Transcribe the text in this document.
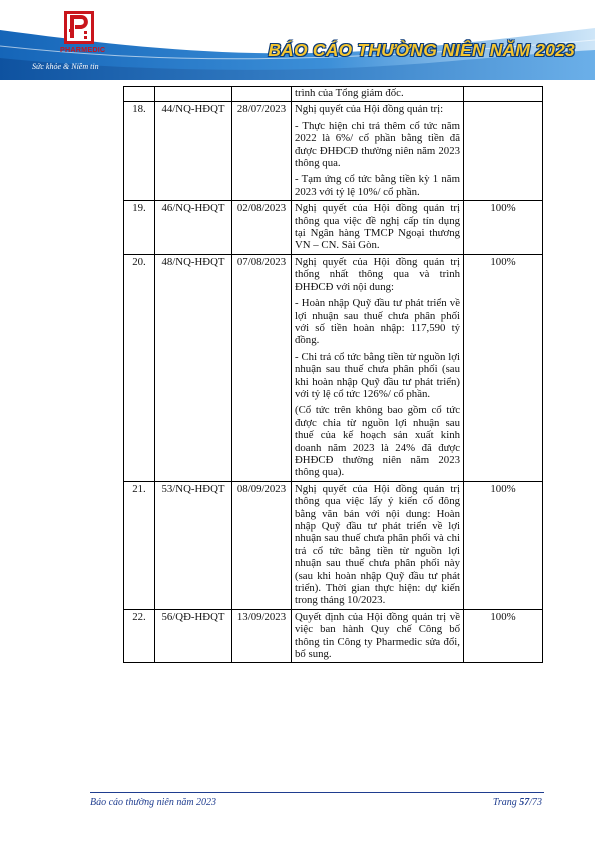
PHARMEDIC
Sức khỏe & Niềm tin
BÁO CÁO THƯỜNG NIÊN NĂM 2023

			trình của Tổng giám đốc.	

18.	44/NQ-HĐQT	28/07/2023	Nghị quyết của Hội đồng quản trị:

- Thực hiện chi trả thêm cổ tức năm 2022 là 6%/ cổ phần bằng tiền đã được ĐHĐCĐ thường niên năm 2023 thông qua.

- Tạm ứng cổ tức bằng tiền kỳ 1 năm 2023 với tỷ lệ 10%/ cổ phần.	

19.	46/NQ-HĐQT	02/08/2023	Nghị quyết của Hội đồng quản trị thông qua việc đề nghị cấp tín dụng tại Ngân hàng TMCP Ngoại thương VN – CN. Sài Gòn.	100%
20.	48/NQ-HĐQT	07/08/2023	Nghị quyết của Hội đồng quản trị thống nhất thông qua và trình ĐHĐCĐ với nội dung:

- Hoàn nhập Quỹ đầu tư phát triển về lợi nhuận sau thuế chưa phân phối với số tiền hoàn nhập: 117,590 tỷ đồng.

- Chi trả cổ tức bằng tiền từ nguồn lợi nhuận sau thuế chưa phân phối (sau khi hoàn nhập Quỹ đầu tư phát triển) với tỷ lệ cổ tức 126%/ cổ phần.

(Cổ tức trên không bao gồm cổ tức được chia từ nguồn lợi nhuận sau thuế của kế hoạch sản xuất kinh doanh năm 2023 là 24% đã được ĐHĐCĐ thường niên năm 2023 thông qua).	100%
21.	53/NQ-HĐQT	08/09/2023	Nghị quyết của Hội đồng quản trị thông qua việc lấy ý kiến cổ đông bằng văn bản với nội dung: Hoàn nhập Quỹ đầu tư phát triển về lợi nhuận sau thuế chưa phân phối và chi trả cổ tức bằng tiền từ nguồn lợi nhuận sau thuế chưa phân phối này (sau khi hoàn nhập Quỹ đầu tư phát triển). Thời gian thực hiện: dự kiến trong tháng 10/2023.	100%
22.	56/QĐ-HĐQT	13/09/2023	Quyết định của Hội đồng quản trị về việc ban hành Quy chế Công bố thông tin Công ty Pharmedic sửa đổi, bổ sung.	100%
Báo cáo thường niên năm 2023	Trang 57/73
